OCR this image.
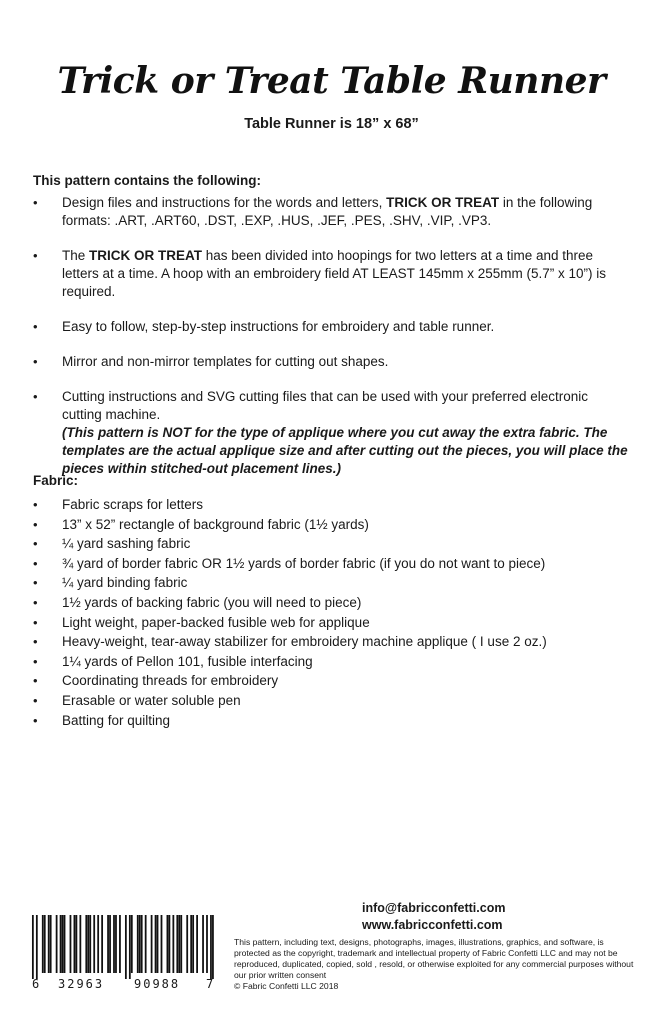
Trick or Treat Table Runner
Table Runner is 18” x 68”
This pattern contains the following:
• Design files and instructions for the words and letters, TRICK OR TREAT in the following formats: .ART, .ART60, .DST, .EXP, .HUS, .JEF, .PES, .SHV, .VIP, .VP3.
• The TRICK OR TREAT has been divided into hoopings for two letters at a time and three letters at a time. A hoop with an embroidery field AT LEAST 145mm x 255mm (5.7” x 10”) is required.
• Easy to follow, step-by-step instructions for embroidery and table runner.
• Mirror and non-mirror templates for cutting out shapes.
• Cutting instructions and SVG cutting files that can be used with your preferred electronic cutting machine.
(This pattern is NOT for the type of applique where you cut away the extra fabric. The templates are the actual applique size and after cutting out the pieces, you will place the pieces within stitched-out placement lines.)
Fabric:
• Fabric scraps for letters
• 13” x 52” rectangle of background fabric (1½ yards)
• ¼ yard sashing fabric
• ¾ yard of border fabric OR 1½ yards of border fabric (if you do not want to piece)
• ¼ yard binding fabric
• 1½ yards of backing fabric (you will need to piece)
• Light weight, paper-backed fusible web for applique
• Heavy-weight, tear-away stabilizer for embroidery machine applique ( I use 2 oz.)
• 1¼ yards of Pellon 101, fusible interfacing
• Coordinating threads for embroidery
• Erasable or water soluble pen
• Batting for quilting
6 32963 90988 7
info@fabricconfetti.com
www.fabricconfetti.com
This pattern, including text, designs, photographs, images, illustrations, graphics, and software, is protected as the copyright, trademark and intellectual property of Fabric Confetti LLC and may not be reproduced, duplicated, copied, sold , resold, or otherwise exploited for any commercial purposes without our prior written consent
© Fabric Confetti LLC 2018
